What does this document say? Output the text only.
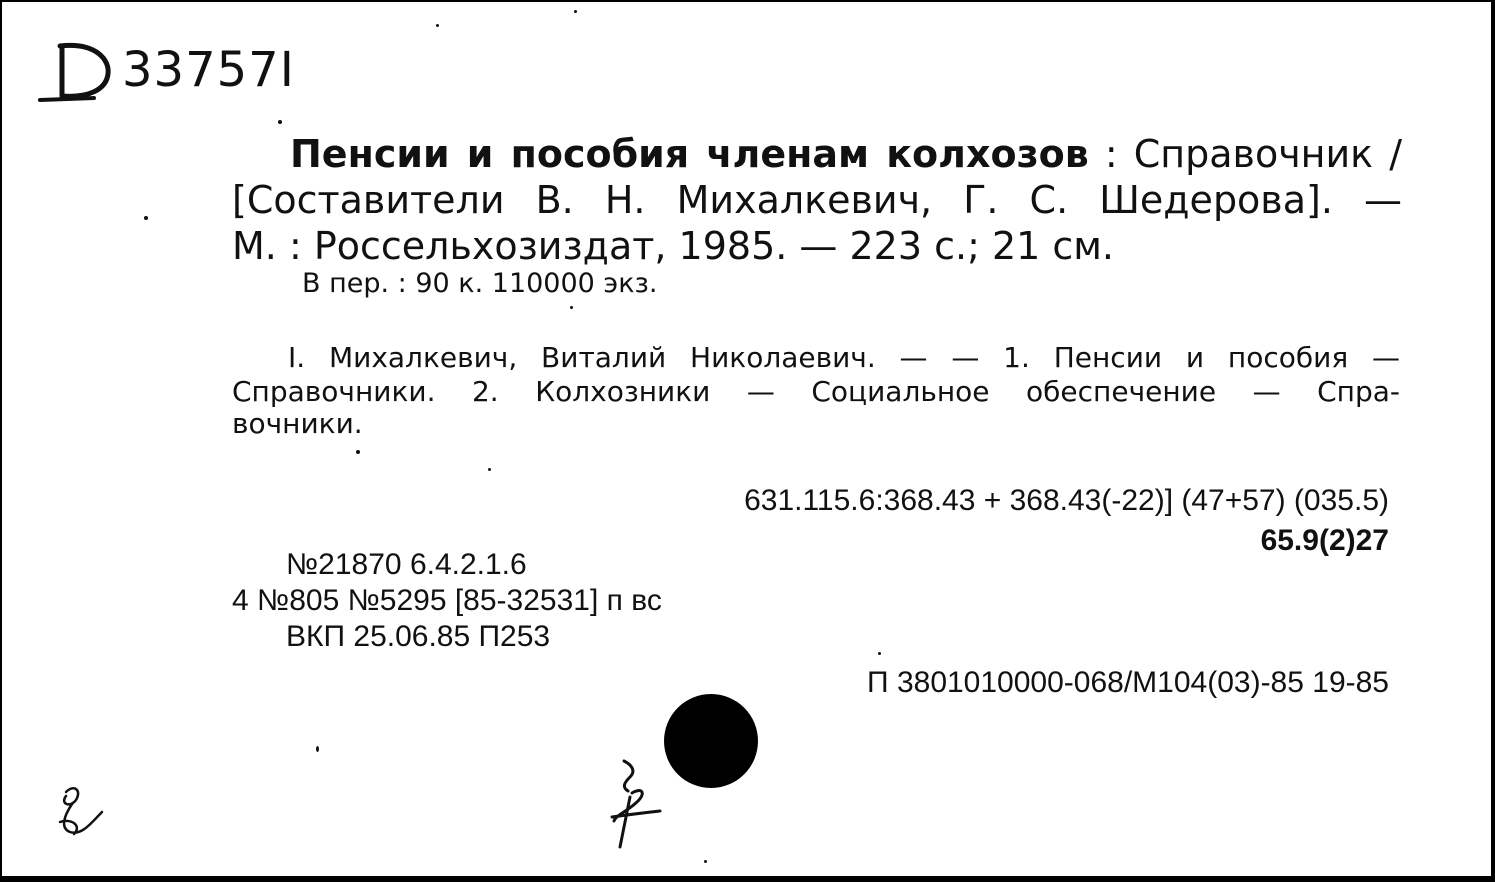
33757I
Пенсии и пособия членам колхозов : Справочник /
[Составители В. Н. Михалкевич, Г. С. Шедерова]. —
М. : Россельхозиздат, 1985. — 223 с.; 21 см.
В пер. : 90 к. 110000 экз.
I. Михалкевич, Виталий Николаевич. — — 1. Пенсии и пособия —
Справочники. 2. Колхозники — Социальное обеспечение — Спра-
вочники.
631.115.6:368.43 + 368.43(-22)] (47+57) (035.5)
65.9(2)27
№21870 6.4.2.1.6
4 №805 №5295 [85-32531] п вс
ВКП 25.06.85 П253
П 3801010000-068/М104(03)-85 19-85
